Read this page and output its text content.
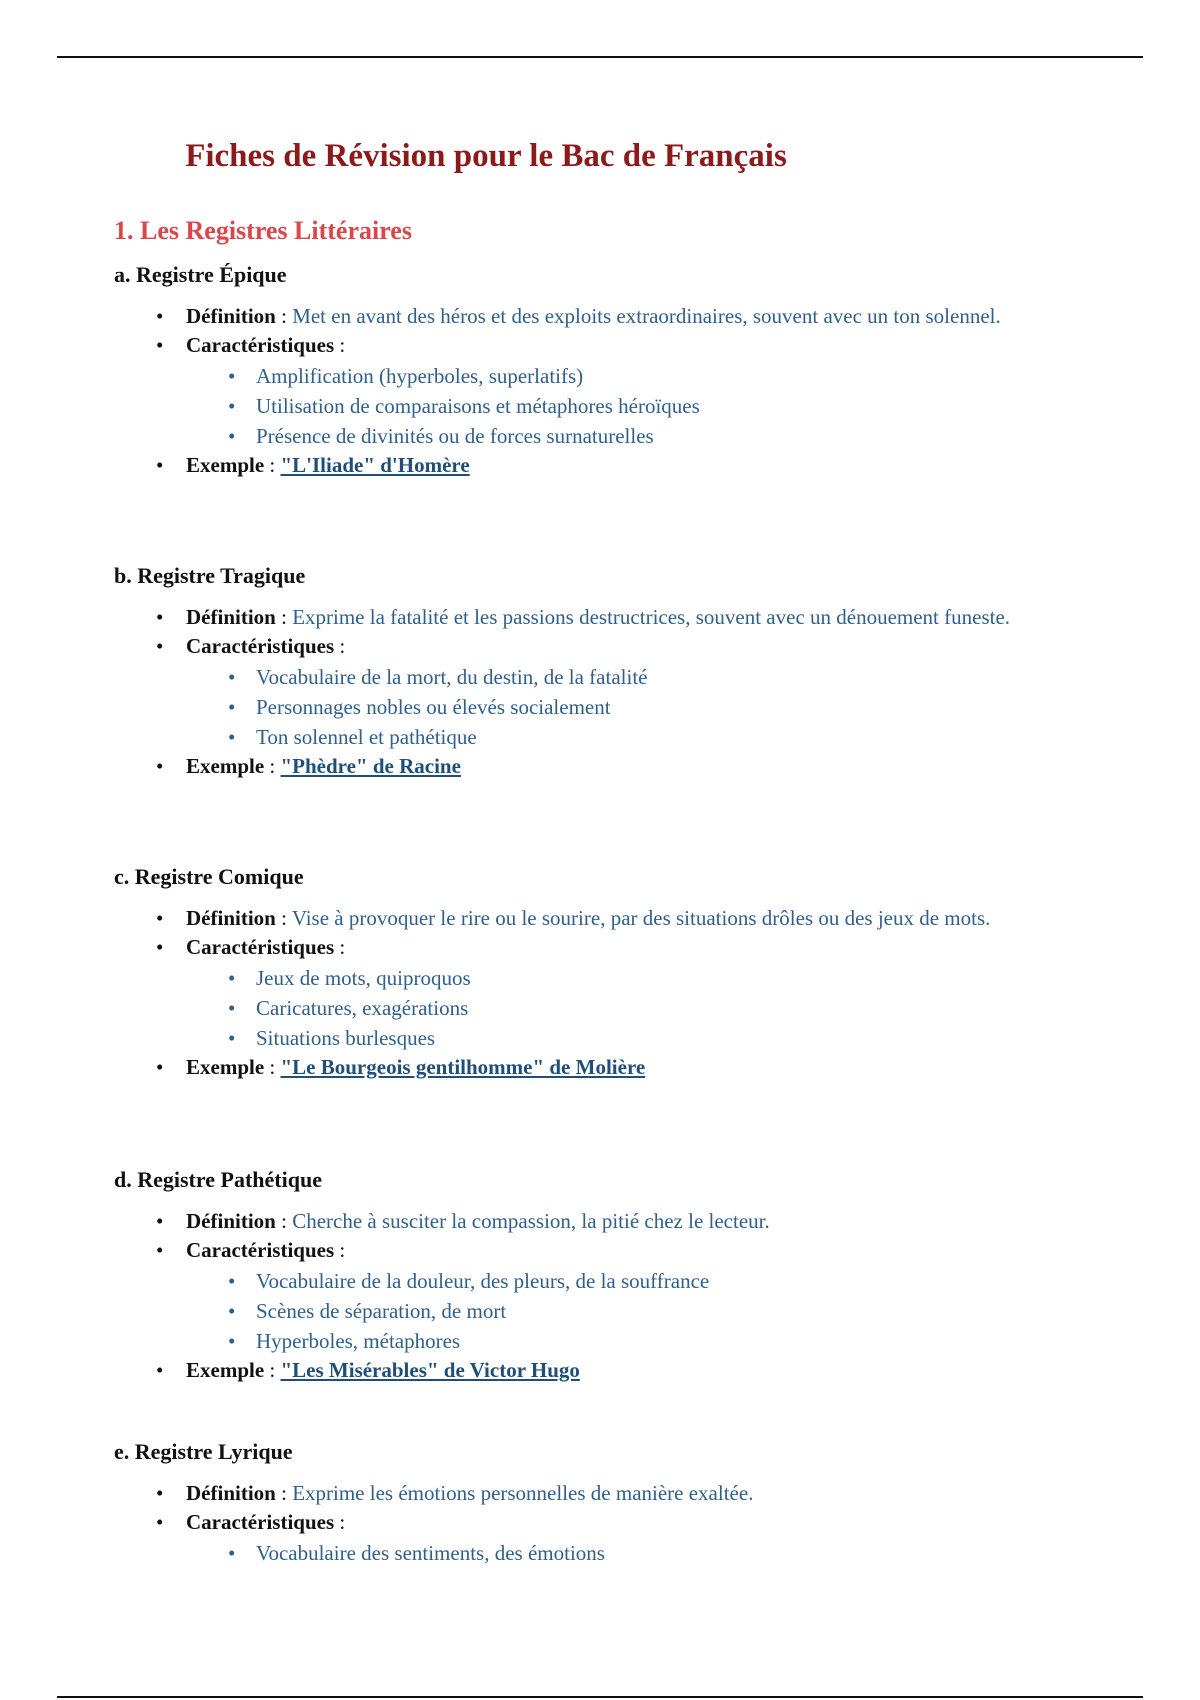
Fiches de Révision pour le Bac de Français
1. Les Registres Littéraires
a. Registre Épique
• Définition : Met en avant des héros et des exploits extraordinaires, souvent avec un ton solennel.
• Caractéristiques :
• Amplification (hyperboles, superlatifs)
• Utilisation de comparaisons et métaphores héroïques
• Présence de divinités ou de forces surnaturelles
• Exemple : "L'Iliade" d'Homère
b. Registre Tragique
• Définition : Exprime la fatalité et les passions destructrices, souvent avec un dénouement funeste.
• Caractéristiques :
• Vocabulaire de la mort, du destin, de la fatalité
• Personnages nobles ou élevés socialement
• Ton solennel et pathétique
• Exemple : "Phèdre" de Racine
c. Registre Comique
• Définition : Vise à provoquer le rire ou le sourire, par des situations drôles ou des jeux de mots.
• Caractéristiques :
• Jeux de mots, quiproquos
• Caricatures, exagérations
• Situations burlesques
• Exemple : "Le Bourgeois gentilhomme" de Molière
d. Registre Pathétique
• Définition : Cherche à susciter la compassion, la pitié chez le lecteur.
• Caractéristiques :
• Vocabulaire de la douleur, des pleurs, de la souffrance
• Scènes de séparation, de mort
• Hyperboles, métaphores
• Exemple : "Les Misérables" de Victor Hugo
e. Registre Lyrique
• Définition : Exprime les émotions personnelles de manière exaltée.
• Caractéristiques :
• Vocabulaire des sentiments, des émotions
